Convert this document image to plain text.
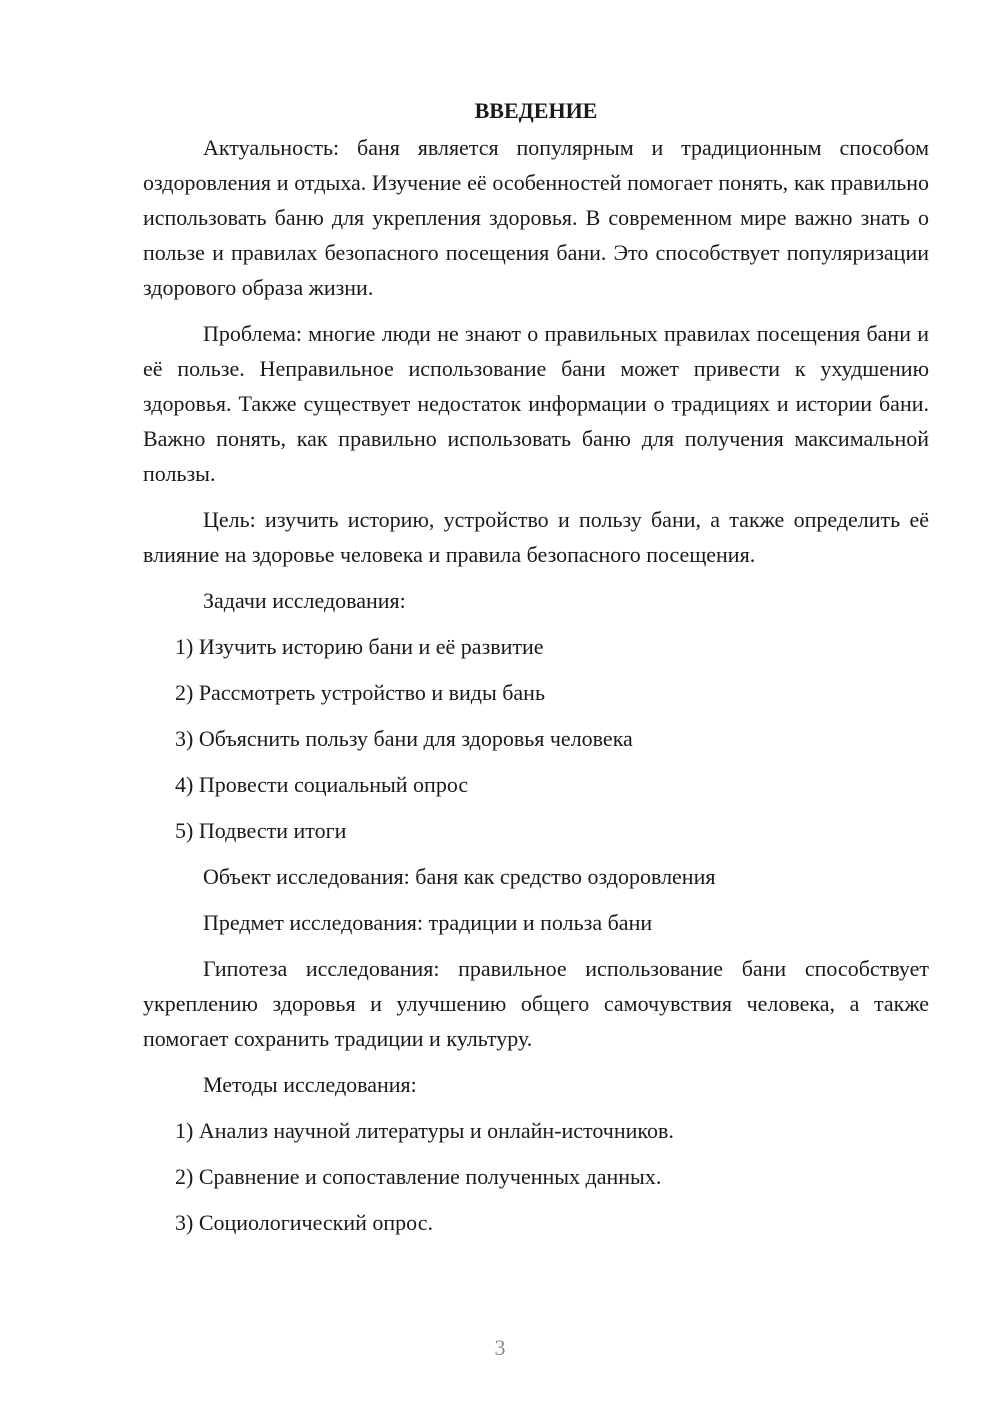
ВВЕДЕНИЕ

Актуальность: баня является популярным и традиционным способом оздоровления и отдыха. Изучение её особенностей помогает понять, как правильно использовать баню для укрепления здоровья. В современном мире важно знать о пользе и правилах безопасного посещения бани. Это способствует популяризации здорового образа жизни.

Проблема: многие люди не знают о правильных правилах посещения бани и её пользе. Неправильное использование бани может привести к ухудшению здоровья. Также существует недостаток информации о традициях и истории бани. Важно понять, как правильно использовать баню для получения максимальной пользы.

Цель: изучить историю, устройство и пользу бани, а также определить её влияние на здоровье человека и правила безопасного посещения.

Задачи исследования:

1) Изучить историю бани и её развитие

2) Рассмотреть устройство и виды бань

3) Объяснить пользу бани для здоровья человека

4) Провести социальный опрос

5) Подвести итоги

Объект исследования: баня как средство оздоровления

Предмет исследования: традиции и польза бани

Гипотеза исследования: правильное использование бани способствует укреплению здоровья и улучшению общего самочувствия человека, а также помогает сохранить традиции и культуру.

Методы исследования:

1) Анализ научной литературы и онлайн-источников.

2) Сравнение и сопоставление полученных данных.

3) Социологический опрос.

3
